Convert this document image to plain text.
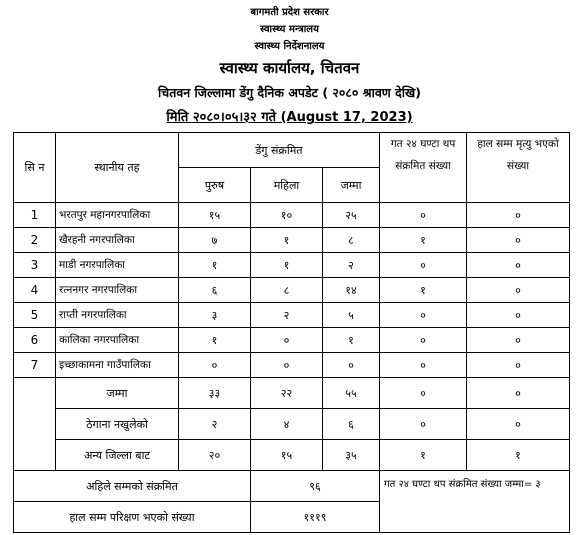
बागमती प्रदेश सरकार
स्वास्थ्य मन्त्रालय
स्वास्थ्य निर्देशनालय
स्वास्थ्य कार्यालय, चितवन
चितवन जिल्लामा डेंगु दैनिक अपडेट ( २०८० श्रावण देखि)
मिति २०८०।०५।३२ गते (August 17, 2023)
सि न	स्थानीय तह	डेंगु संक्रमित			गत २४ घण्टा थप संक्रमित संख्या	हाल सम्म मृत्यु भएको संख्या
		पुरुष	महिला	जम्मा		
1	भरतपुर महानगरपालिका	१५	१०	२५	०	०
2	खैरहनी नगरपालिका	७	१	८	१	०
3	माडी नगरपालिका	१	१	२	०	०
4	रत्ननगर नगरपालिका	६	८	१४	१	०
5	राप्ती नगरपालिका	३	२	५	०	०
6	कालिका नगरपालिका	१	०	१	०	०
7	इच्छाकामना गाउँपालिका	०	०	०	०	०
	जम्मा	३३	२२	५५	०	०
	ठेगाना नखुलेको	२	४	६	०	०
	अन्य जिल्ला बाट	२०	१५	३५	१	१
अहिले सम्मको संक्रमित			९६		गत २४ घण्टा थप संक्रमित संख्या जम्मा= ३	
हाल सम्म परिक्षण भएको संख्या			१११९			
